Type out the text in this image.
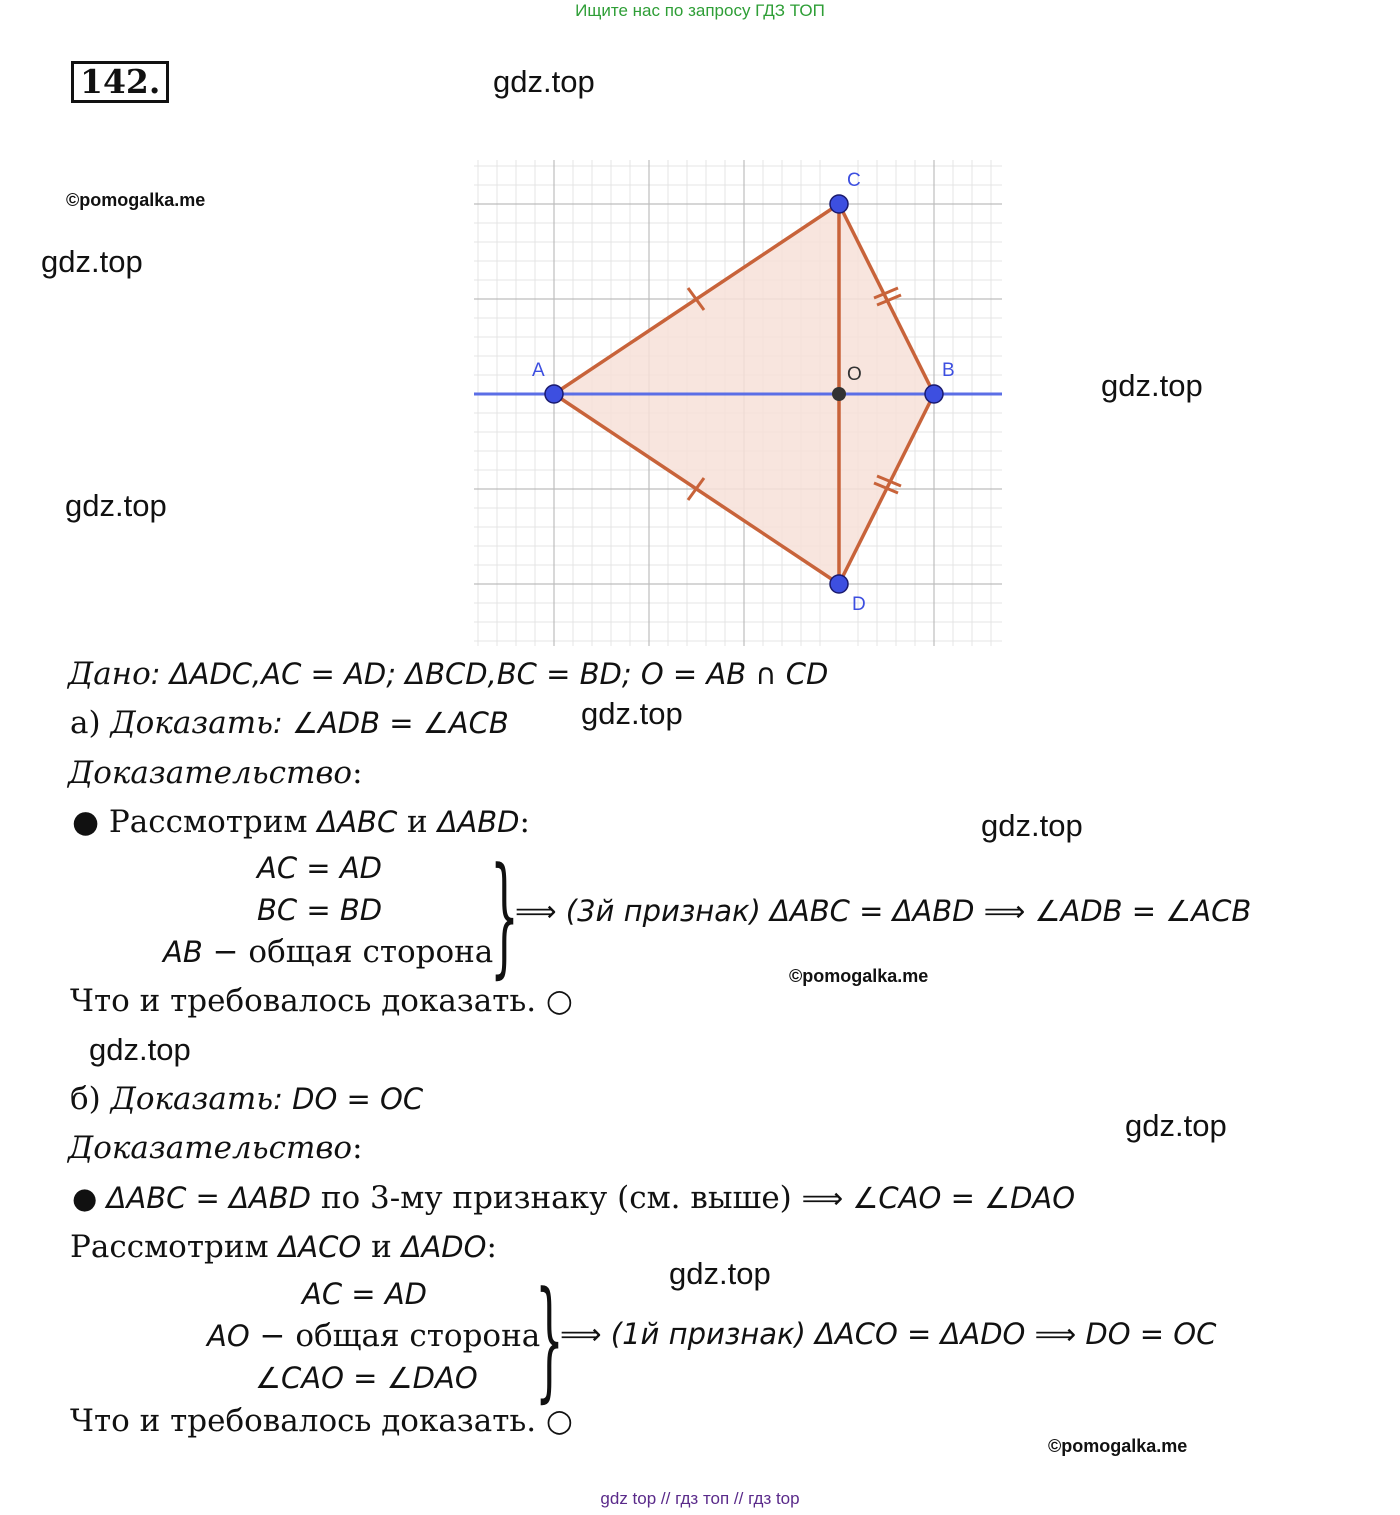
Ищите нас по запросу ГДЗ ТОП
142.	gdz.top
©pomogalka.me
gdz.top
gdz.top
gdz.top
C
A	O	B
D
Дано: ΔADC,AC = AD; ΔBCD,BC = BD; O = AB ∩ CD
а) Доказать: ∠ADB = ∠ACB gdz.top
Доказательство:
● Рассмотрим ΔABC и ΔABD:	gdz.top
AC = AD
BC = BD
AB − общая сторона
}
⟹ (3й признак) ΔABC = ΔABD ⟹ ∠ADB = ∠ACB
©pomogalka.me
Что и требовалось доказать. ○
gdz.top
б) Доказать: DO = OC
gdz.top
Доказательство:
● ΔABC = ΔABD по 3-му признаку (см. выше) ⟹ ∠CAO = ∠DAO
Рассмотрим ΔACO и ΔADO:
gdz.top
AC = AD
AO − общая сторона
∠CAO = ∠DAO }
⟹ (1й признак) ΔACO = ΔADO ⟹ DO = OC
Что и требовалось доказать. ○
©pomogalka.me
gdz top // гдз топ // гдз top
